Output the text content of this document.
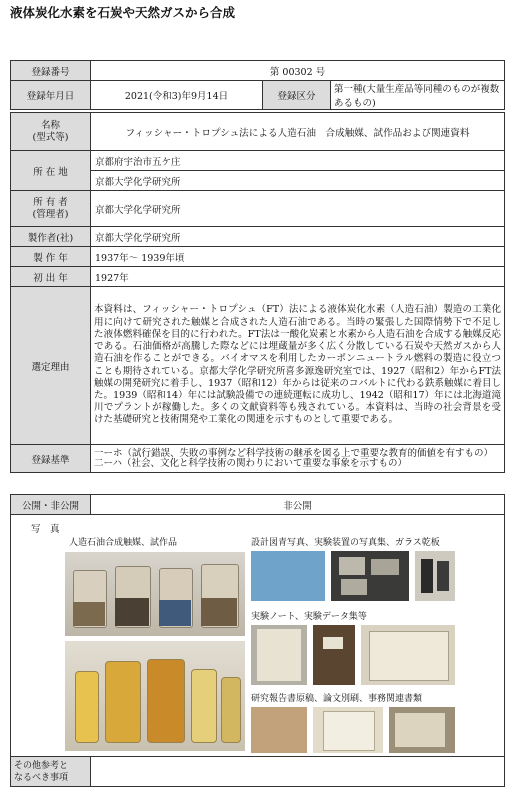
液体炭化水素を石炭や天然ガスから合成
登録番号	第 00302 号		
登録年月日	2021(令和3)年9月14日	登録区分	第一種(大量生産品等同種のものが複数あるもの)
名称
(型式等)	フィッシャー・トロプシュ法による人造石油　合成触媒、試作品および関連資料
所 在 地	京都府宇治市五ケ庄
	京都大学化学研究所

所 有 者
(管理者)	京都大学化学研究所
製作者(社)	京都大学化学研究所
製 作 年	1937年～ 1939年頃
初 出 年	1927年
選定理由	本資料は、フィッシャー・トロプシュ（FT）法による液体炭化水素（人造石油）製造の工業化用に向けて研究された触媒と合成された人造石油である。当時の緊張した国際情勢下で不足した液体燃料確保を目的に行われた。FT法は一酸化炭素と水素から人造石油を合成する触媒反応である。石油価格が高騰した際などには埋蔵量が多く広く分散している石炭や天然ガスから人造石油を作ることができる。バイオマスを利用したカーボンニュートラル燃料の製造に役立つことも期待されている。京都大学化学研究所喜多源逸研究室では、1927（昭和2）年からFT法触媒の開発研究に着手し、1937（昭和12）年からは従来のコバルトに代わる鉄系触媒に着目した。1939（昭和14）年には試験設備での連続運転に成功し、1942（昭和17）年には北海道滝川でプラントが稼働した。多くの文献資料等も残されている。本資料は、当時の社会背景を受けた基礎研究と技術開発や工業化の関連を示すものとして重要である。
登録基準	一ーホ（試行錯誤、失敗の事例など科学技術の継承を図る上で重要な教育的価値を有すもの）
二ーハ（社会、文化と科学技術の関わりにおいて重要な事象を示すもの）
公開・非公開	非公開

写　真
人造石油合成触媒、試作品 設計図青写真、実験装置の写真集、ガラス乾板
実験ノート、実験データ集等
研究報告書原稿、論文別刷、事務関連書類	

その他参考と
なるべき事項	
